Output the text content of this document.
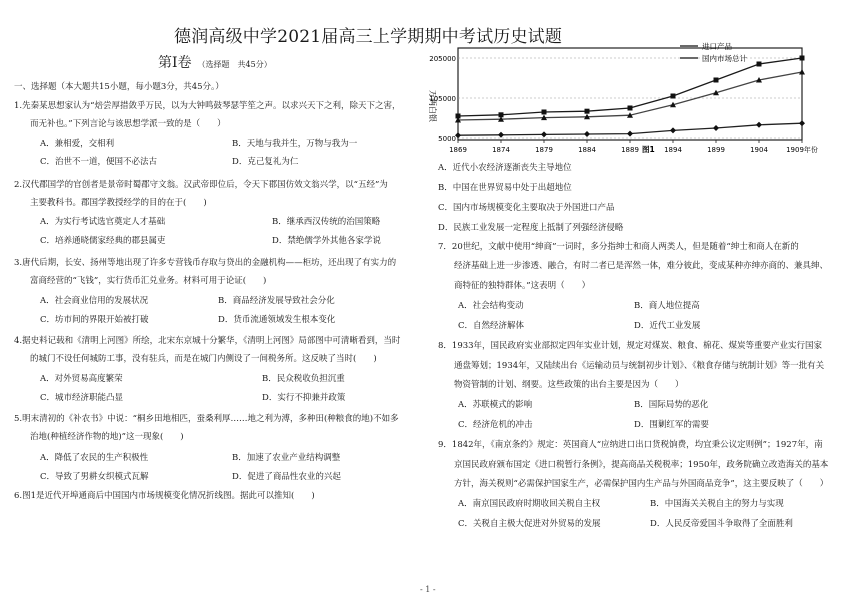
德润高级中学2021届高三上学期期中考试历史试题
第Ⅰ卷 （选择题　共45分）
一、选择题（本大题共15小题，每小题3分，共45分。）
1.先秦某思想家认为“焙尝厚措敛乎万民，以为大钟鸣鼓琴瑟竽笙之声。以求兴天下之利，除天下之害，
而无补也。”下列言论与该思想学派一致的是（　　）
A．兼相爱，交相利	B．天地与我并生，万物与我为一
C．治世不一道，便国不必法古	D．克己复礼为仁
2.汉代郡国学的官创者是景帝时蜀郡守文翁。汉武帝即位后，令天下郡国仿效文翁兴学，以“五经”为
主要教科书。郡国学教授经学的目的在于(　　)
A．为实行考试选官奠定人才基础	B．继承西汉传统的治国策略
C．培养通晓儒家经典的郡县属吏	D．禁绝儒学外其他各家学说
3.唐代后期，长安、扬州等地出现了许多专营钱币存取与贷出的金融机构——柜坊，还出现了有实力的
富商经营的“飞钱”，实行货币汇兑业务。材料可用于论证(　　)
A．社会商业信用的发展状况	B．商品经济发展导致社会分化
C．坊市间的界限开始被打破	D．货币流通领域发生根本变化
4.据史料记载和《清明上河图》所绘，北宋东京城十分繁华，《清明上河图》局部图中可清晰看到，当时
的城门不设任何城防工事，没有驻兵，而是在城门内侧设了一间税务所。这反映了当时(　　)
A．对外贸易高度繁荣	B．民众税收负担沉重
C．城市经济职能凸显	D．实行不抑兼并政策
5.明末清初的《补农书》中说：“桐乡田地相匹，蚕桑利厚……地之利为溥，多种田(种粮食的地)不如多
治地(种植经济作物的地)”这一现象(　　)
A．降低了农民的生产积极性	B．加速了农业产业结构调整
C．导致了男耕女织模式瓦解	D．促进了商品性农业的兴起
6.图1是近代开埠通商后中国国内市场规模变化情况折线图。据此可以推知(　　)
万两白银
205000
105000
5000
1869	1874	1879	1884	1889	1894	1899	1904	1909年份
进口产品
国内市场总计
图1
A．近代小农经济逐渐丧失主导地位
B．中国在世界贸易中处于出超地位
C．国内市场规模变化主要取决于外国进口产品
D．民族工业发展一定程度上抵制了列强经济侵略
7．20世纪，文献中使用“绅商”一词时，多分指绅士和商人两类人，但是随着“绅士和商人在新的
经济基础上进一步渗透、融合，有时二者已是浑然一体，难分彼此，变成某种亦绅亦商的、兼具绅、
商特征的独特群体。”这表明（　　）
A．社会结构变动	B．商人地位提高
C．自然经济解体	D．近代工业发展
8．1933年，国民政府实业部拟定四年实业计划，规定对煤炭、粮食、棉花、煤炭等重要产业实行国家
通盘筹划；1934年，又陆续出台《运输动员与统制初步计划》、《粮食存储与统制计划》等一批有关
物资管制的计划、纲要。这些政策的出台主要是因为（　　）
A．苏联模式的影响	B．国际局势的恶化
C．经济危机的冲击	D．围剿红军的需要
9．1842年，《南京条约》规定：英国商人“应纳进口出口货税饷费，均宜秉公议定则例”；1927年，南
京国民政府颁布国定《进口税暂行条例》，提高商品关税税率；1950年，政务院确立改造海关的基本
方针，海关税则“必需保护国家生产，必需保护国内生产品与外国商品竞争”，这主要反映了（　　）
A．南京国民政府时期收回关税自主权	B．中国海关关税自主的努力与实现
C．关税自主极大促进对外贸易的发展	D．人民反帝爱国斗争取得了全面胜利
- 1 -
